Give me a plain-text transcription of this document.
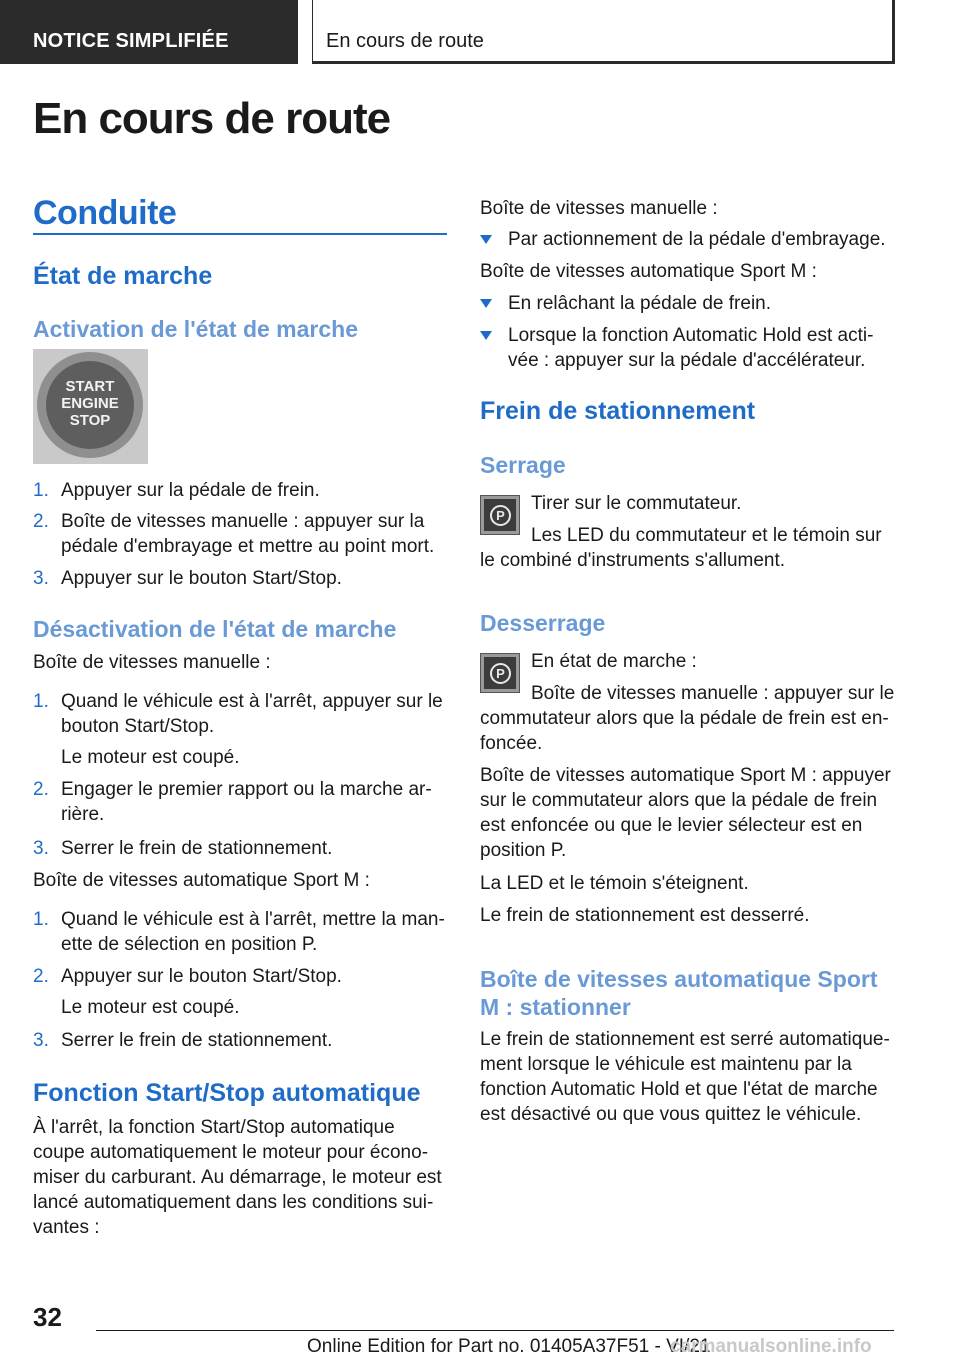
NOTICE SIMPLIFIÉE	En cours de route
En cours de route
Conduite
État de marche
Activation de l'état de marche
START
ENGINE
STOP
1. Appuyer sur la pédale de frein.
2. Boîte de vitesses manuelle : appuyer sur la
pédale d'embrayage et mettre au point mort.
3. Appuyer sur le bouton Start/Stop.
Désactivation de l'état de marche
Boîte de vitesses manuelle :
1. Quand le véhicule est à l'arrêt, appuyer sur le
bouton Start/Stop.
Le moteur est coupé.
2. Engager le premier rapport ou la marche ar-
rière.
3. Serrer le frein de stationnement.
Boîte de vitesses automatique Sport M :
1. Quand le véhicule est à l'arrêt, mettre la man-
ette de sélection en position P.
2. Appuyer sur le bouton Start/Stop.
Le moteur est coupé.
3. Serrer le frein de stationnement.
Fonction Start/Stop automatique
À l'arrêt, la fonction Start/Stop automatique
coupe automatiquement le moteur pour écono-
miser du carburant. Au démarrage, le moteur est
lancé automatiquement dans les conditions sui-
vantes :
Boîte de vitesses manuelle :
Par actionnement de la pédale d'embrayage.
Boîte de vitesses automatique Sport M :
En relâchant la pédale de frein.
Lorsque la fonction Automatic Hold est acti-
vée : appuyer sur la pédale d'accélérateur.
Frein de stationnement
Serrage
P
Tirer sur le commutateur.
Les LED du commutateur et le témoin sur
le combiné d'instruments s'allument.
Desserrage
P
En état de marche :
Boîte de vitesses manuelle : appuyer sur le
commutateur alors que la pédale de frein est en-
foncée.
Boîte de vitesses automatique Sport M : appuyer
sur le commutateur alors que la pédale de frein
est enfoncée ou que le levier sélecteur est en
position P.
La LED et le témoin s'éteignent.
Le frein de stationnement est desserré.
Boîte de vitesses automatique Sport
M : stationner
Le frein de stationnement est serré automatique-
ment lorsque le véhicule est maintenu par la
fonction Automatic Hold et que l'état de marche
est désactivé ou que vous quittez le véhicule.
32
Online Edition for Part no. 01405A37F51 - VI/21
carmanualsonline.info
